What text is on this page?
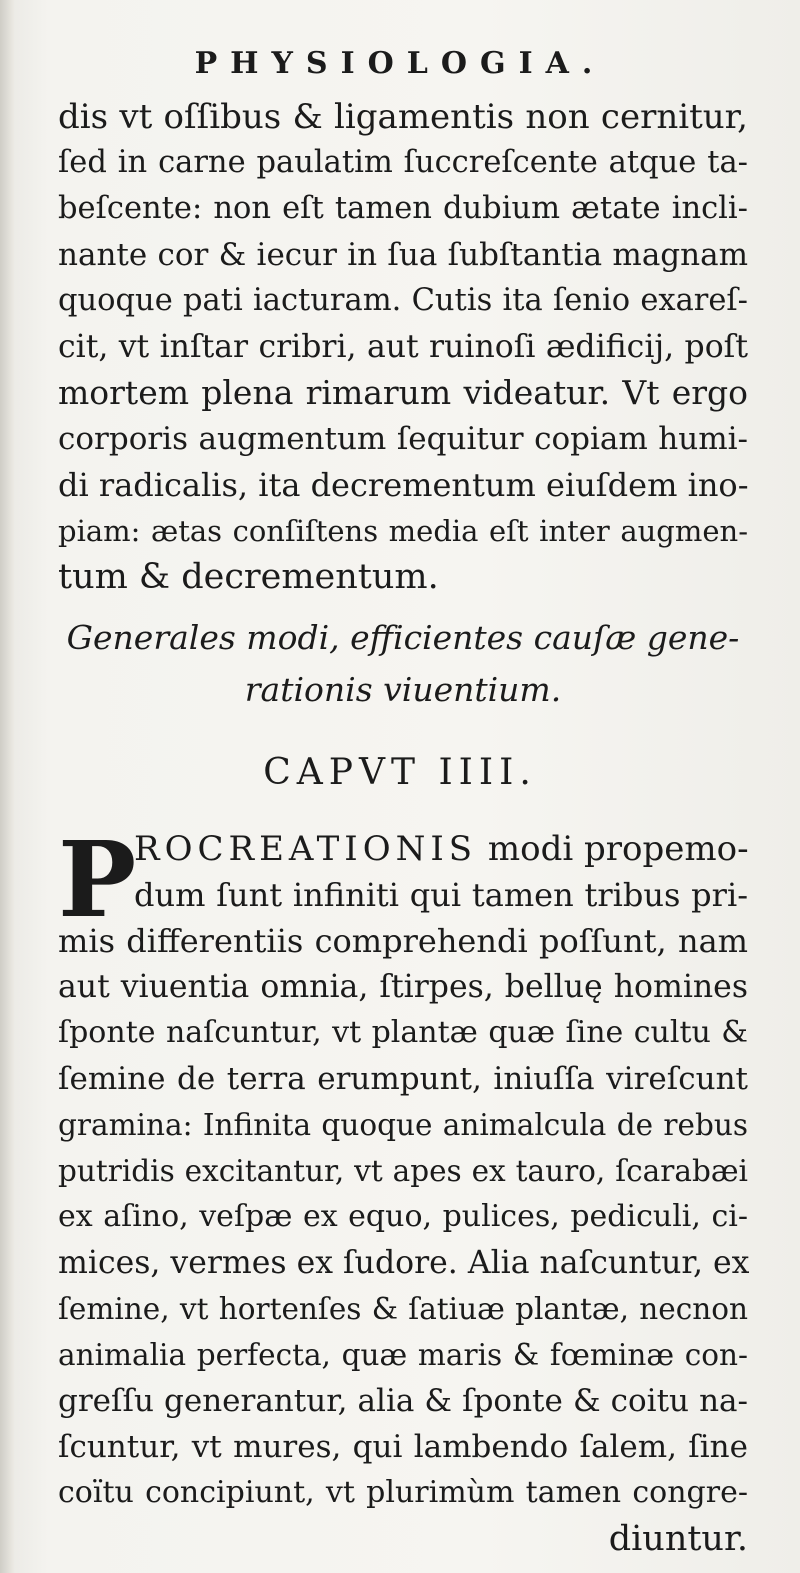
PHYSIOLOGIA.
dis vt oſſibus & ligamentis non cernitur,
ſed in carne paulatim ſuccreſcente atque ta-
beſcente: non eſt tamen dubium ætate incli-
nante cor & iecur in ſua ſubſtantia magnam
quoque pati iacturam. Cutis ita ſenio exareſ-
cit, vt inſtar cribri, aut ruinoſi ædificij, poſt
mortem plena rimarum videatur. Vt ergo
corporis augmentum ſequitur copiam humi-
di radicalis, ita decrementum eiuſdem ino-
piam: ætas conſiſtens media eſt inter augmen-
tum & decrementum.
Generales modi, efficientes cauſæ gene-
rationis viuentium.
CAPVT IIII.
P
ROCREATIONIS modi propemo-
dum ſunt infiniti qui tamen tribus pri-
mis differentiis comprehendi poſſunt, nam
aut viuentia omnia, ſtirpes, belluę homines
ſponte naſcuntur, vt plantæ quæ ſine cultu &
ſemine de terra erumpunt, iniuſſa vireſcunt
gramina: Infinita quoque animalcula de rebus
putridis excitantur, vt apes ex tauro, ſcarabæi
ex aſino, veſpæ ex equo, pulices, pediculi, ci-
mices, vermes ex ſudore. Alia naſcuntur, ex
ſemine, vt hortenſes & ſatiuæ plantæ, necnon
animalia perfecta, quæ maris & fœminæ con-
greſſu generantur, alia & ſponte & coitu na-
ſcuntur, vt mures, qui lambendo ſalem, ſine
coïtu concipiunt, vt plurimùm tamen congre-
diuntur.
